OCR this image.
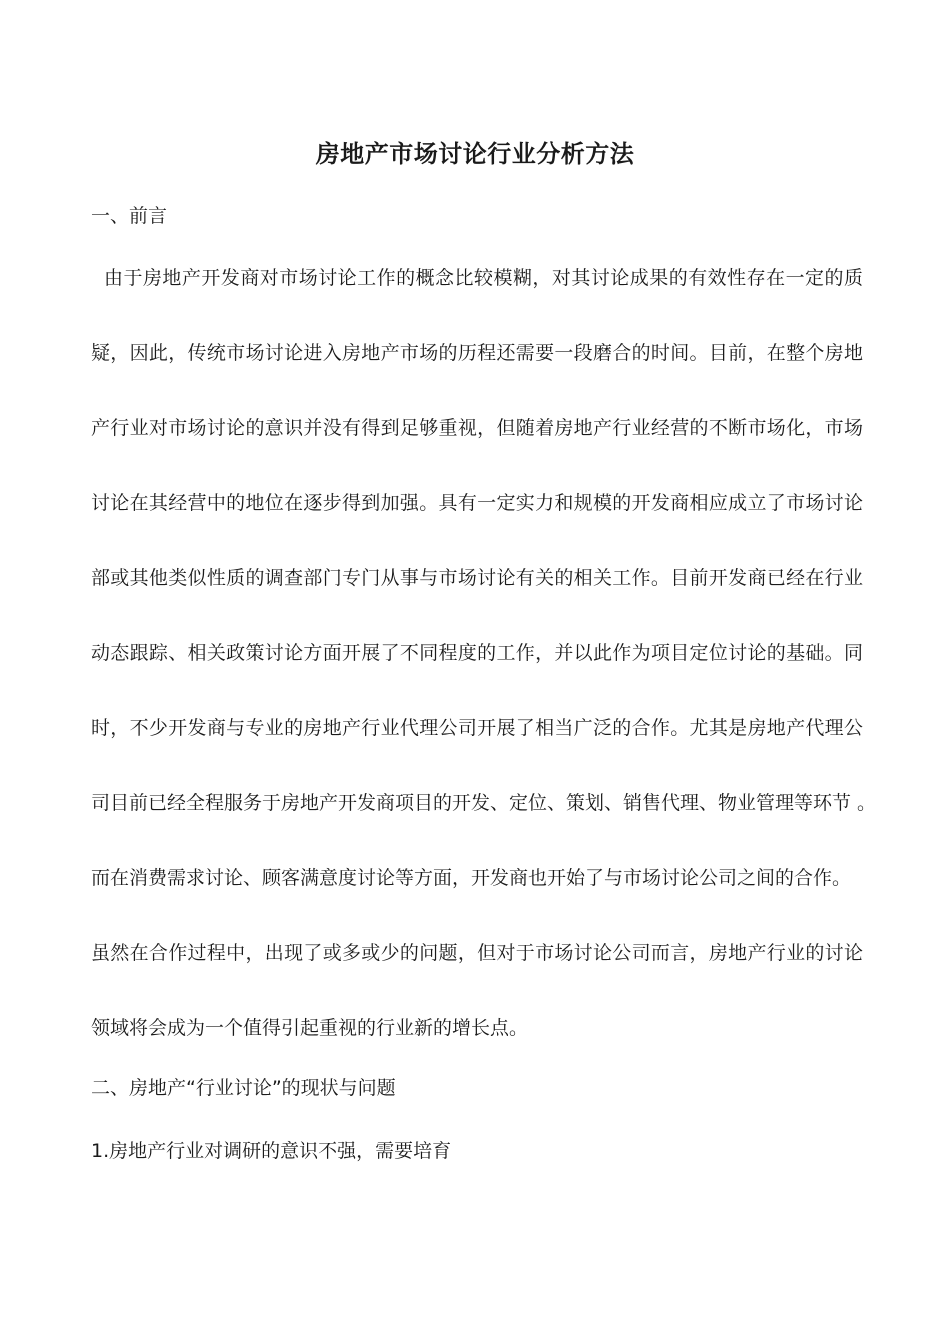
房地产市场讨论行业分析方法

一、前言

由于房地产开发商对市场讨论工作的概念比较模糊，对其讨论成果的有效性存在一定的质
疑，因此，传统市场讨论进入房地产市场的历程还需要一段磨合的时间。目前，在整个房地
产行业对市场讨论的意识并没有得到足够重视，但随着房地产行业经营的不断市场化，市场
讨论在其经营中的地位在逐步得到加强。具有一定实力和规模的开发商相应成立了市场讨论
部或其他类似性质的调查部门专门从事与市场讨论有关的相关工作。目前开发商已经在行业
动态跟踪、相关政策讨论方面开展了不同程度的工作，并以此作为项目定位讨论的基础。同
时，不少开发商与专业的房地产行业代理公司开展了相当广泛的合作。尤其是房地产代理公
司目前已经全程服务于房地产开发商项目的开发、定位、策划、销售代理、物业管理等环节 。
而在消费需求讨论、顾客满意度讨论等方面，开发商也开始了与市场讨论公司之间的合作。
虽然在合作过程中，出现了或多或少的问题，但对于市场讨论公司而言，房地产行业的讨论
领域将会成为一个值得引起重视的行业新的增长点。

二、房地产“行业讨论”的现状与问题

1.房地产行业对调研的意识不强，需要培育
